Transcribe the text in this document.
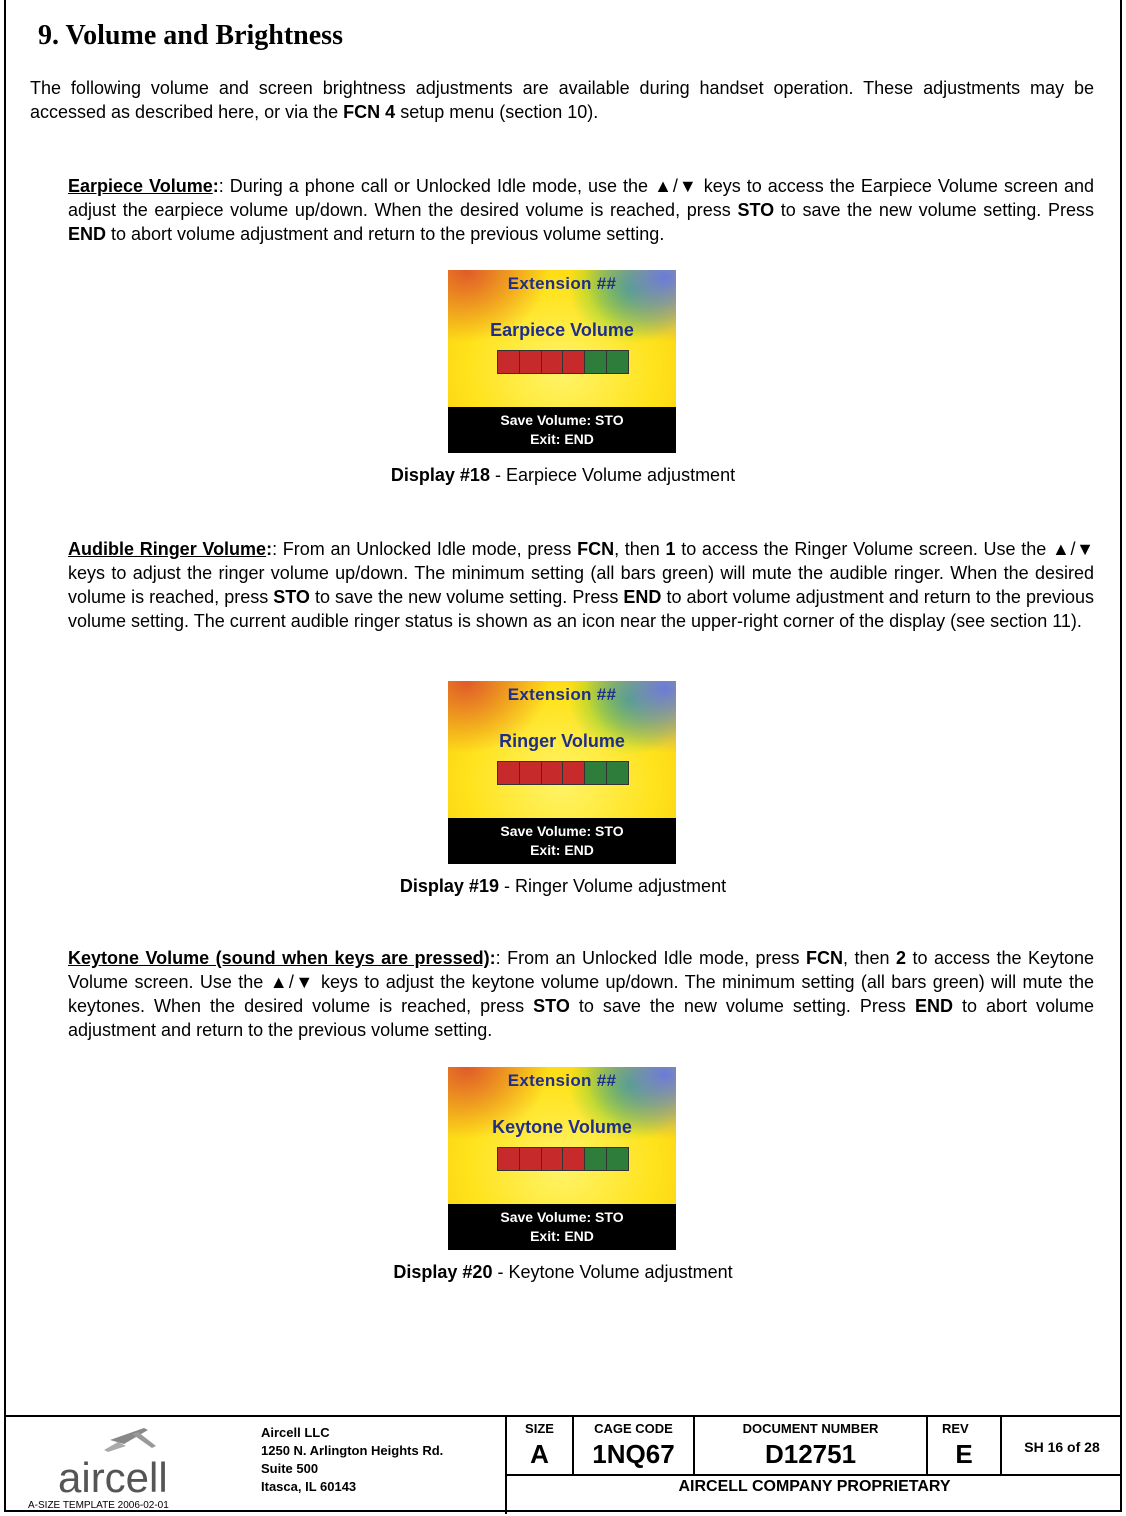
9. Volume and Brightness
The following volume and screen brightness adjustments are available during handset operation. These adjustments may be accessed as described here, or via the FCN 4 setup menu (section 10).
Earpiece Volume:: During a phone call or Unlocked Idle mode, use the ▲/▼ keys to access the Earpiece Volume screen and adjust the earpiece volume up/down. When the desired volume is reached, press STO to save the new volume setting. Press END to abort volume adjustment and return to the previous volume setting.
Extension ##
Earpiece Volume
Save Volume: STO
Exit: END
Display #18 - Earpiece Volume adjustment
Audible Ringer Volume:: From an Unlocked Idle mode, press FCN, then 1 to access the Ringer Volume screen. Use the ▲/▼ keys to adjust the ringer volume up/down. The minimum setting (all bars green) will mute the audible ringer. When the desired volume is reached, press STO to save the new volume setting. Press END to abort volume adjustment and return to the previous volume setting. The current audible ringer status is shown as an icon near the upper-right corner of the display (see section 11).
Extension ##
Ringer Volume
Save Volume: STO
Exit: END
Display #19 - Ringer Volume adjustment
Keytone Volume (sound when keys are pressed):: From an Unlocked Idle mode, press FCN, then 2 to access the Keytone Volume screen. Use the ▲/▼ keys to adjust the keytone volume up/down. The minimum setting (all bars green) will mute the keytones. When the desired volume is reached, press STO to save the new volume setting. Press END to abort volume adjustment and return to the previous volume setting.
Extension ##
Keytone Volume
Save Volume: STO
Exit: END
Display #20 - Keytone Volume adjustment
aircell
Aircell LLC
1250 N. Arlington Heights Rd.
Suite 500
Itasca, IL 60143
SIZE
A
CAGE CODE
1NQ67
DOCUMENT NUMBER
D12751
REV
E	SH 16 of 28
AIRCELL COMPANY PROPRIETARY
A-SIZE TEMPLATE 2006-02-01
